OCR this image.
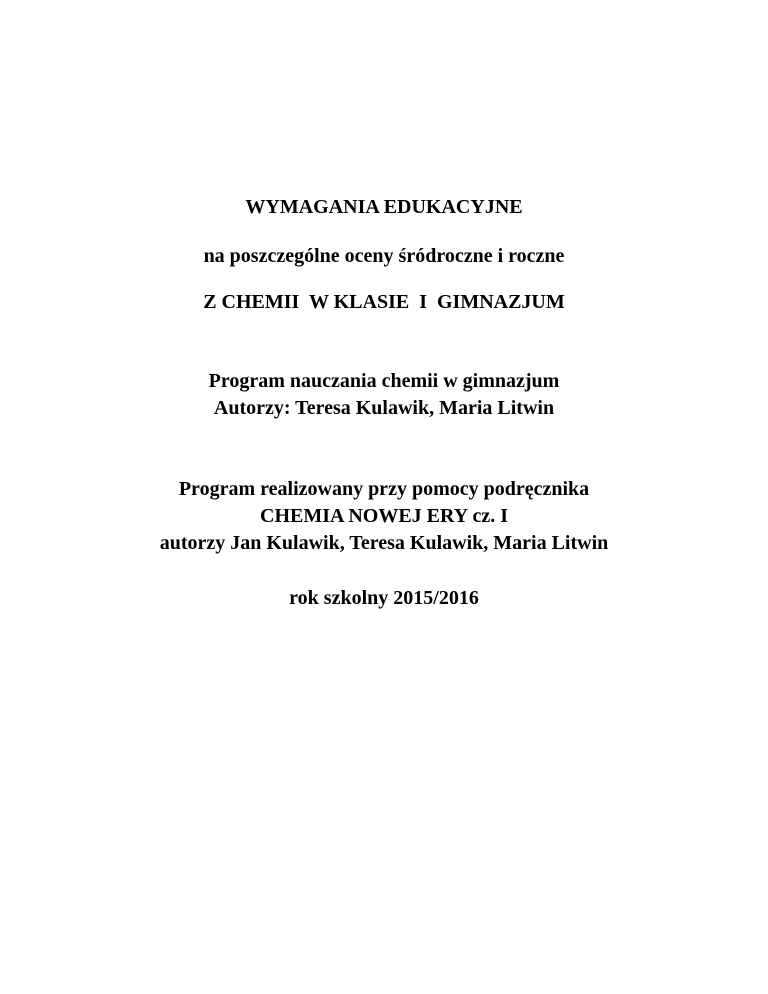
WYMAGANIA EDUKACYJNE
na poszczególne oceny śródroczne i roczne
Z CHEMII  W KLASIE  I  GIMNAZJUM
Program nauczania chemii w gimnazjum
Autorzy: Teresa Kulawik, Maria Litwin
Program realizowany przy pomocy podręcznika
CHEMIA NOWEJ ERY cz. I
autorzy Jan Kulawik, Teresa Kulawik, Maria Litwin
rok szkolny 2015/2016
